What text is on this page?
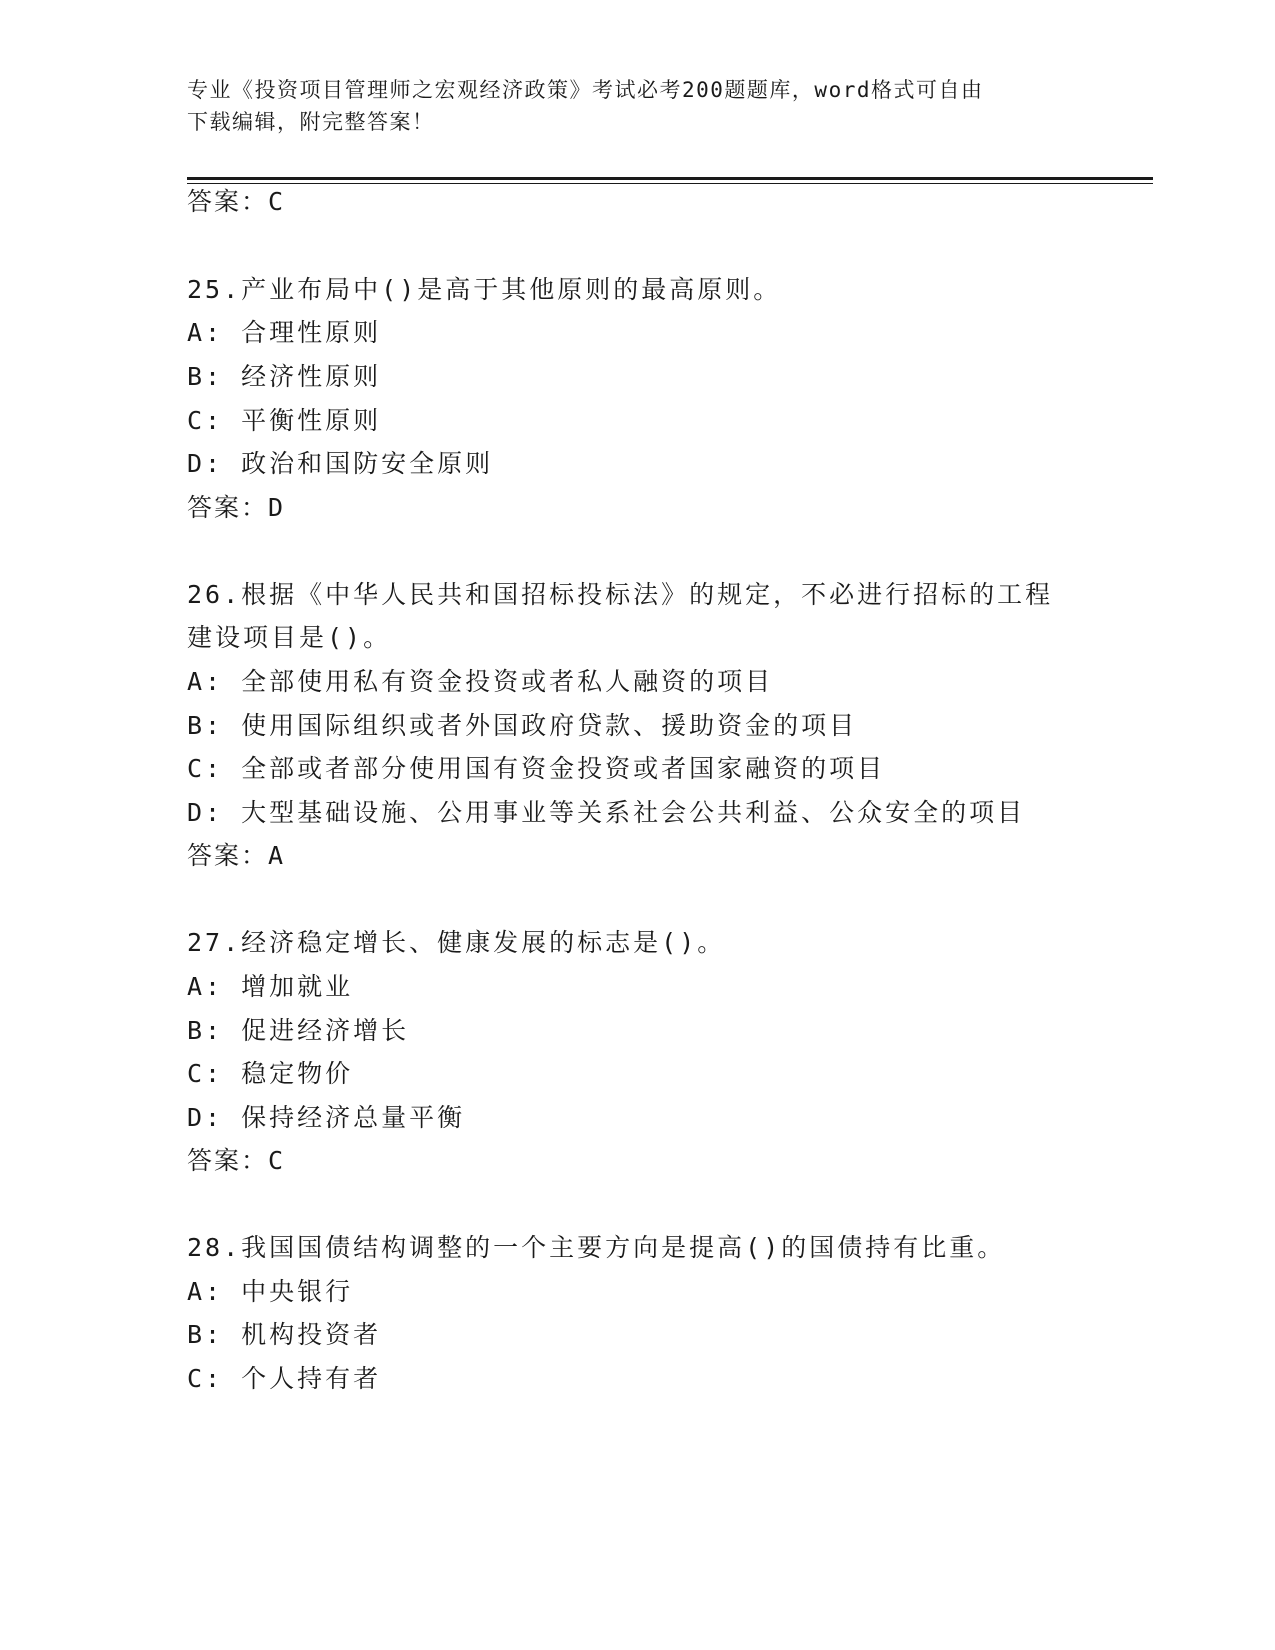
专业《投资项目管理师之宏观经济政策》考试必考200题题库，word格式可自由
下载编辑，附完整答案！
答案：C
25.产业布局中()是高于其他原则的最高原则。
A: 合理性原则
B: 经济性原则
C: 平衡性原则
D: 政治和国防安全原则
答案：D
26.根据《中华人民共和国招标投标法》的规定，不必进行招标的工程
建设项目是()。
A: 全部使用私有资金投资或者私人融资的项目
B: 使用国际组织或者外国政府贷款、援助资金的项目
C: 全部或者部分使用国有资金投资或者国家融资的项目
D: 大型基础设施、公用事业等关系社会公共利益、公众安全的项目
答案：A
27.经济稳定增长、健康发展的标志是()。
A: 增加就业
B: 促进经济增长
C: 稳定物价
D: 保持经济总量平衡
答案：C
28.我国国债结构调整的一个主要方向是提高()的国债持有比重。
A: 中央银行
B: 机构投资者
C: 个人持有者
